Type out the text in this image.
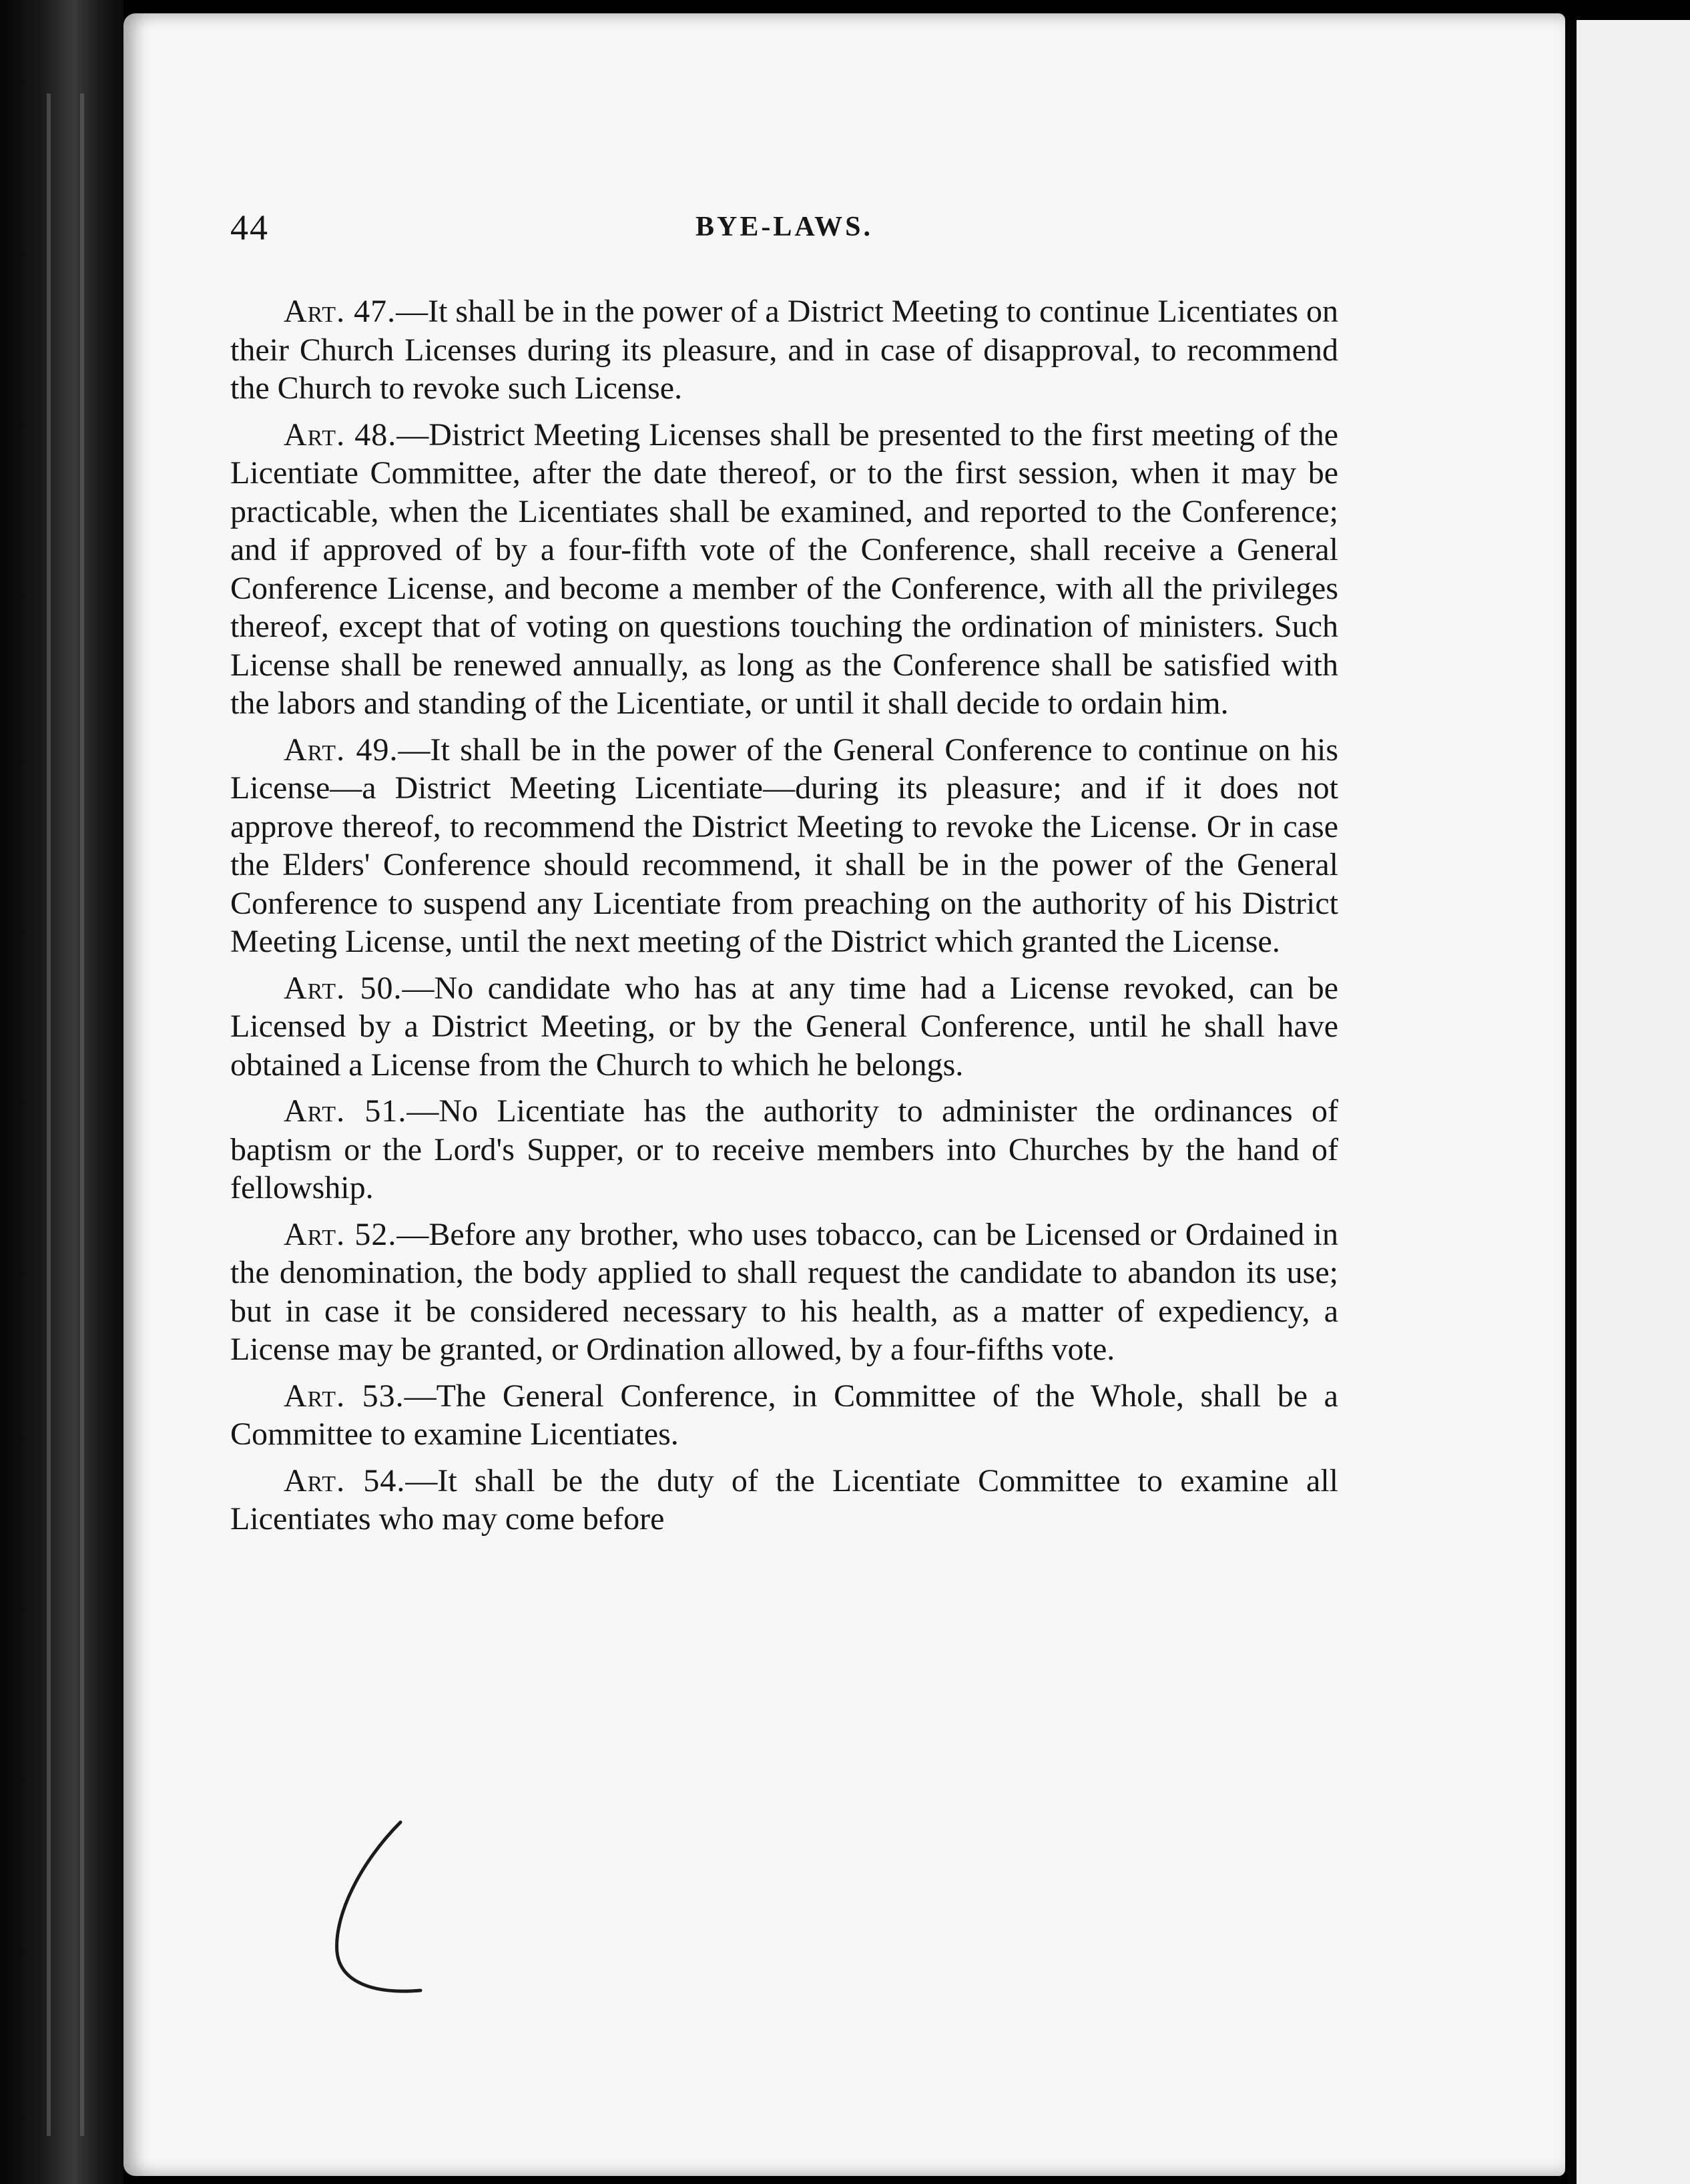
44	BYE-LAWS.

Art. 47.—It shall be in the power of a District Meeting to continue Licentiates on their Church Licenses during its pleasure, and in case of disapproval, to recommend the Church to revoke such License.

Art. 48.—District Meeting Licenses shall be presented to the first meeting of the Licentiate Committee, after the date thereof, or to the first session, when it may be practicable, when the Licentiates shall be examined, and reported to the Conference; and if approved of by a four-fifth vote of the Conference, shall receive a General Conference License, and become a member of the Conference, with all the privileges thereof, except that of voting on questions touching the ordination of ministers. Such License shall be renewed annually, as long as the Conference shall be satisfied with the labors and standing of the Licentiate, or until it shall decide to ordain him.

Art. 49.—It shall be in the power of the General Conference to continue on his License—a District Meeting Licentiate—during its pleasure; and if it does not approve thereof, to recommend the District Meeting to revoke the License. Or in case the Elders' Conference should recommend, it shall be in the power of the General Conference to suspend any Licentiate from preaching on the authority of his District Meeting License, until the next meeting of the District which granted the License.

Art. 50.—No candidate who has at any time had a License revoked, can be Licensed by a District Meeting, or by the General Conference, until he shall have obtained a License from the Church to which he belongs.

Art. 51.—No Licentiate has the authority to administer the ordinances of baptism or the Lord's Supper, or to receive members into Churches by the hand of fellowship.

Art. 52.—Before any brother, who uses tobacco, can be Licensed or Ordained in the denomination, the body applied to shall request the candidate to abandon its use; but in case it be considered necessary to his health, as a matter of expediency, a License may be granted, or Ordination allowed, by a four-fifths vote.

Art. 53.—The General Conference, in Committee of the Whole, shall be a Committee to examine Licentiates.

Art. 54.—It shall be the duty of the Licentiate Committee to examine all Licentiates who may come before
